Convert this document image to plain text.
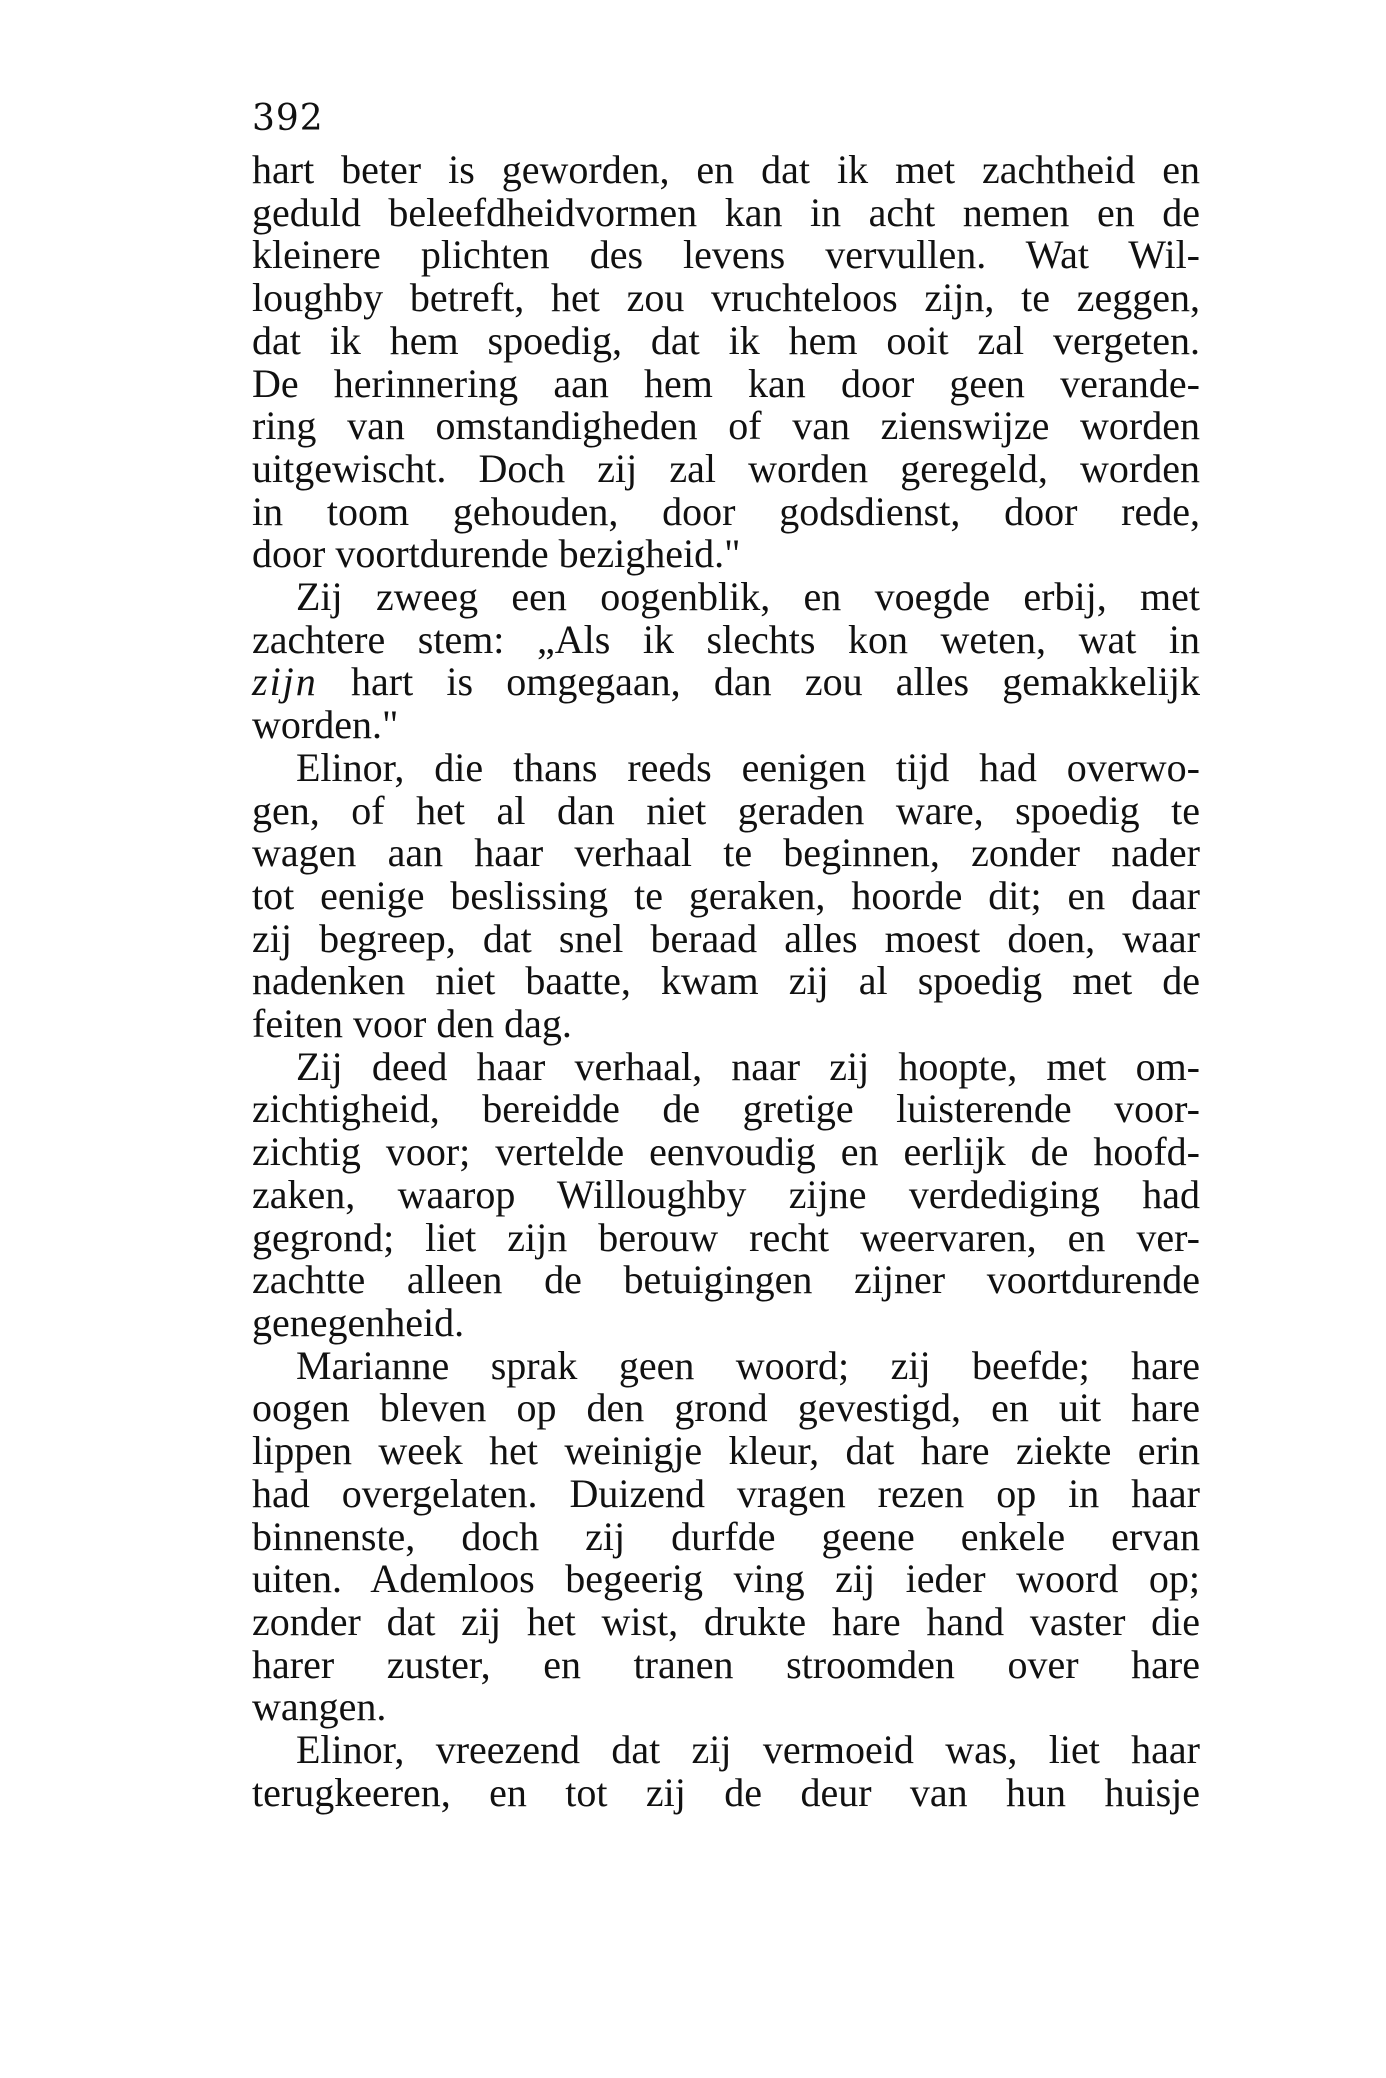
392
hart beter is geworden, en dat ik met zachtheid en
geduld beleefdheidvormen kan in acht nemen en de
kleinere plichten des levens vervullen. Wat Wil-
loughby betreft, het zou vruchteloos zijn, te zeggen,
dat ik hem spoedig, dat ik hem ooit zal vergeten.
De herinnering aan hem kan door geen verande-
ring van omstandigheden of van zienswijze worden
uitgewischt. Doch zij zal worden geregeld, worden
in toom gehouden, door godsdienst, door rede,
door voortdurende bezigheid."
Zij zweeg een oogenblik, en voegde erbij, met
zachtere stem: „Als ik slechts kon weten, wat in
zijn hart is omgegaan, dan zou alles gemakkelijk
worden."
Elinor, die thans reeds eenigen tijd had overwo-
gen, of het al dan niet geraden ware, spoedig te
wagen aan haar verhaal te beginnen, zonder nader
tot eenige beslissing te geraken, hoorde dit; en daar
zij begreep, dat snel beraad alles moest doen, waar
nadenken niet baatte, kwam zij al spoedig met de
feiten voor den dag.
Zij deed haar verhaal, naar zij hoopte, met om-
zichtigheid, bereidde de gretige luisterende voor-
zichtig voor; vertelde eenvoudig en eerlijk de hoofd-
zaken, waarop Willoughby zijne verdediging had
gegrond; liet zijn berouw recht weervaren, en ver-
zachtte alleen de betuigingen zijner voortdurende
genegenheid.
Marianne sprak geen woord; zij beefde; hare
oogen bleven op den grond gevestigd, en uit hare
lippen week het weinigje kleur, dat hare ziekte erin
had overgelaten. Duizend vragen rezen op in haar
binnenste, doch zij durfde geene enkele ervan
uiten. Ademloos begeerig ving zij ieder woord op;
zonder dat zij het wist, drukte hare hand vaster die
harer zuster, en tranen stroomden over hare
wangen.
Elinor, vreezend dat zij vermoeid was, liet haar
terugkeeren, en tot zij de deur van hun huisje
